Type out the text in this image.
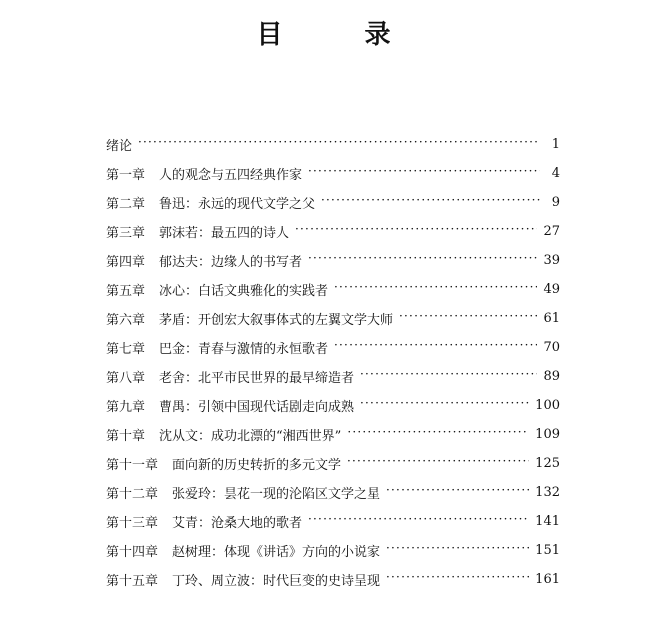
目　录
绪论 ·····	1
第一章 人的观念与五四经典作家 ·····	4
第二章 鲁迅：永远的现代文学之父 ·····	9
第三章 郭沫若：最五四的诗人 ·····	27
第四章 郁达夫：边缘人的书写者 ·····	39
第五章 冰心：白话文典雅化的实践者 ·····	49
第六章 茅盾：开创宏大叙事体式的左翼文学大师 ·····	61
第七章 巴金：青春与激情的永恒歌者 ·····	70
第八章 老舍：北平市民世界的最早缔造者 ·····	89
第九章 曹禺：引领中国现代话剧走向成熟 ·····	100
第十章 沈从文：成功北漂的“湘西世界” ·····	109
第十一章 面向新的历史转折的多元文学 ·····	125
第十二章 张爱玲：昙花一现的沦陷区文学之星 ·····	132
第十三章 艾青：沧桑大地的歌者 ·····	141
第十四章 赵树理：体现《讲话》方向的小说家 ·····	151
第十五章 丁玲、周立波：时代巨变的史诗呈现 ·····	161
